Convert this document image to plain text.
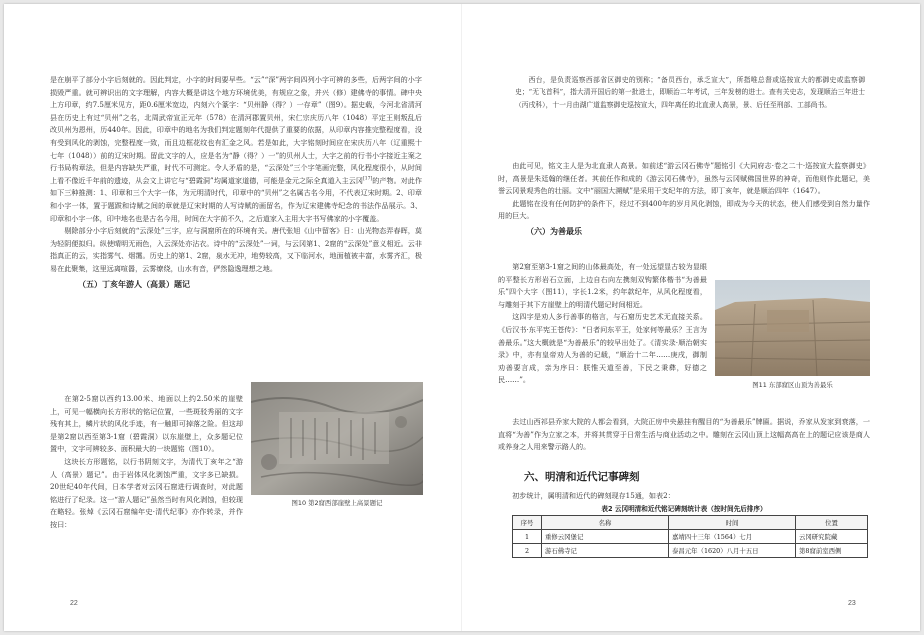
是在崩平了部分小字后刻就的。因此判定，小字的时间要早些。“云”“深”两字间四列小字可辨的多些，后两字间的小字损毁严重。就可辨识出的文字理解，内容大概是讲这个地方环境优美，有规应之象，并兴（修）建佛寺的事情。碑中央上方印章，约7.5厘米见方，距0.6厘米宽边，内刻六个篆字：“贝州静（得？）一存章”（图9）。据史载，今河北省清河县在历史上有过“贝州”之名，北周武帝宣正元年（578）在清河郡置贝州，宋仁宗庆历八年（1048）平定王则叛乱后改贝州为恩州，历440年。因此，印章中的地名为我们判定题刻年代提供了重要的依据，从印章内容推完整程度看，没有受到风化的剥蚀，完整程度一致，而且边框花纹也有汇金之风。若是如此，大字铭刻时间应在宋庆历八年（辽重熙十七年（1048））前的辽宋时期。留此文字的人，应是名为“静（得？）一”的贝州人士，大字之前的行书小字接近主案之行书局构章法，但是内容缺失严重，时代不可测定。令人矛盾的是，“云深处”三个字笔画完整，风化程度很小，从时间上看不像近千年前的遗迹，从会文上讲它与“碧霞洞”均属道家道德，可能是金元之际全真道入主云冈[17]的产物。对此作如下三种推测：1、印章和三个大字一体，为元明清时代，印章中的“贝州”之名属古名今用，不代表辽宋时期。2、印章和小字一体，置于题跋和诗赋之间的章就是辽宋时期的人写诗赋的画留名，作为辽宋建佛寺纪念的书法作品展示。3、印章和小字一体，印中地名也是古名今用，时间在大字前不久，之后道家入主用大字书写佛家的小字覆盖。

剔除部分小字后刻就的“云深处”三字，应与洞窟所在的环境有关。唐代张旭《山中留客》日：山光物态弄春晖，莫为轻阴便拟归。纵使晴明无雨色，入云深处亦沾衣。诗中的“云深处”一词，与云冈第1、2窟的“云深处”意义相近。云非指真正的云，实指雾气、烟霭。历史上的第1、2窟，泉水无冲，地势较高，又下临河水，地面植被丰富，水雾齐汇，极易在此聚集，这里远离喧嚣，云雾缭绕，山水有音，俨然隐逸理想之地。

（五）丁亥年游人（高景）题记

在第2-5窟以西约13.00米、地面以上约2.50米的崖壁上，可见一幅横向长方形状的铭记位置，一些斑驳秀丽的文字残有其上，鳞片状的风化手迹，有一触即可掉落之险。但这却是第2窟以西至第3-1窟（碧霞洞）以东崖壁上，众多题记位置中，文字可辨较多、面积最大的一块题铭（图10）。

这块长方形题铭，以行书阴刻文字，为清代丁亥年之“游人（高景）题记”。由于岩体风化剥蚀严重，文字多已缺损。20世纪40年代间，日本学者对云冈石窟进行调查时，对此题铭进行了纪录。这一“游人题记”虽然当时有风化剥蚀，但较现在略轻。张焯《云冈石窟编年史·清代纪事》亦作转录，并作按曰：

图10 第2窟西部崖壁上高景题记
22

西台，是负责巡察西部省区御史的别称；“备员西台，承乏宣大”，所指唯总督或巡按宣大的都御史或监察御史；“无飞首科”，指大清开国后的第一批进士，即顺治二年考试，三年发榜的进士。查有关史志，发现顺治三年进士（丙戌科），十一月由湖广道监察御史巡按宣大，四年离任的北直隶人高景，景、后任至刑部、工部尚书。

由此可见，铭文主人是为北直隶人高景。如前述“游云冈石佛寺”题铭引《大同府志·卷之二十·巡按宣大监察御史》时，高景是朱廷翰的继任者。其前任作和成的《游云冈石佛寺》，虽然与云冈赋佛国世界的神奇，而他则作此题记，美誉云冈景观秀色的壮丽。文中“丽国大溯赋”是采用干支纪年的方法，即丁亥年，就是顺治四年（1647）。

此题铭在没有任何防护的条件下，经过不到400年的岁月风化剥蚀，即成为今天的状态，使人们感受到自然力量作用的巨大。

（六）为善最乐

第2窟至第3-1窟之间的山体最高处，有一处远望显古较为显眼的平整长方形岩石立面，上边自右向左携刻双钩繁体楷书“为善最乐”四个大字（图11），字长1.2米，约年款纪年，从风化程度看，与雕刻于其下方崖壁上的明清代题记时间相近。

这四字是劝人多行善事的格言，与石窟历史艺术无直接关系。《后汉书·东平宪王苍传》：“日者问东平王，处家何等最乐？王言为善最乐。”这大概就是“为善最乐”的较早出处了。《清实录·顺治朝实录》中，亦有皇帝劝人为善的记载，“顺治十二年……庚戌，御制劝善要言成，亲为序曰：朕惟天道至善，下民之秉彝，好德之民……”。

图11 东部窟区山顶为善最乐

去过山西祁县乔家大院的人都会看到，大院正房中央悬挂有醒目的“为善最乐”牌匾。据说，乔家从发家到衰落，一直将“为善”作为立家之本，并将其贯穿于日常生活与商业活动之中。雕刻在云冈山顶上这幅高高在上的题记应该是商人或养身之人用来警示路人的。

六、明清和近代记事碑刻

初步统计，属明清和近代的碑刻现存15通，如表2：

表2 云冈明清和近代铭记碑刻统计表（按时间先后排序）
序号	名称	时间	位置
1	重修云冈堡记	嘉靖四十三年（1564）七月	云冈研究院藏
2	游石佛寺记	泰昌元年（1620）八月十五日	第8窟前室西侧
23
